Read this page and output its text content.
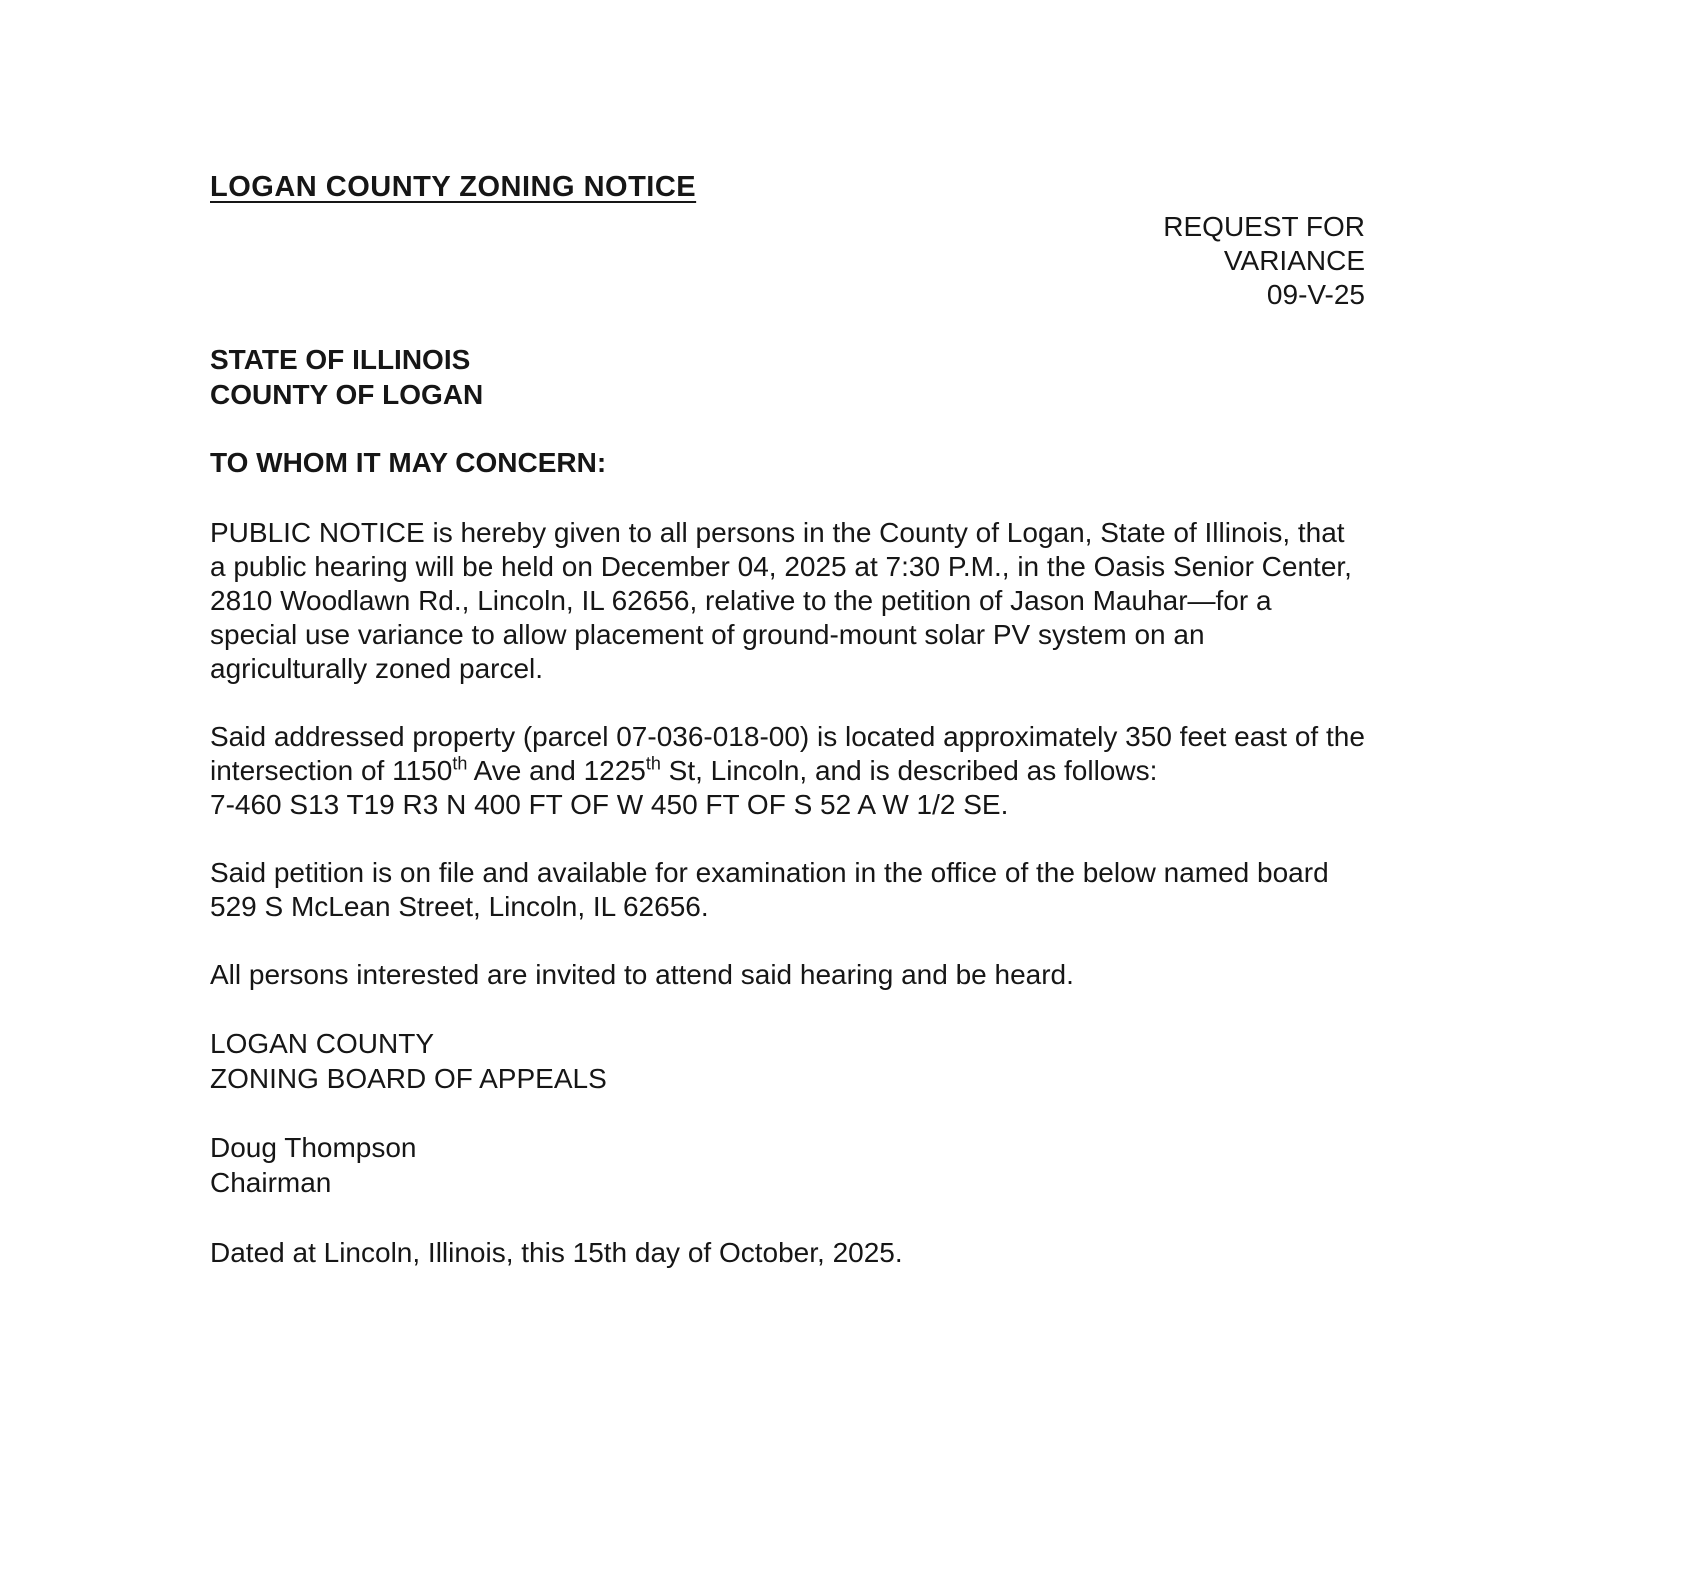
LOGAN COUNTY ZONING NOTICE
REQUEST FOR
VARIANCE
09-V-25
STATE OF ILLINOIS
COUNTY OF LOGAN
TO WHOM IT MAY CONCERN:

PUBLIC NOTICE is hereby given to all persons in the County of Logan, State of Illinois, that a public hearing will be held on December 04, 2025 at 7:30 P.M., in the Oasis Senior Center, 2810 Woodlawn Rd., Lincoln, IL 62656, relative to the petition of Jason Mauhar—for a special use variance to allow placement of ground-mount solar PV system on an agriculturally zoned parcel.

Said addressed property (parcel 07-036-018-00) is located approximately 350 feet east of the intersection of 1150th Ave and 1225th St, Lincoln, and is described as follows:
7-460 S13 T19 R3 N 400 FT OF W 450 FT OF S 52 A W 1/2 SE.

Said petition is on file and available for examination in the office of the below named board 529 S McLean Street, Lincoln, IL 62656.

All persons interested are invited to attend said hearing and be heard.

LOGAN COUNTY
ZONING BOARD OF APPEALS
Doug Thompson
Chairman
Dated at Lincoln, Illinois, this 15th day of October, 2025.
